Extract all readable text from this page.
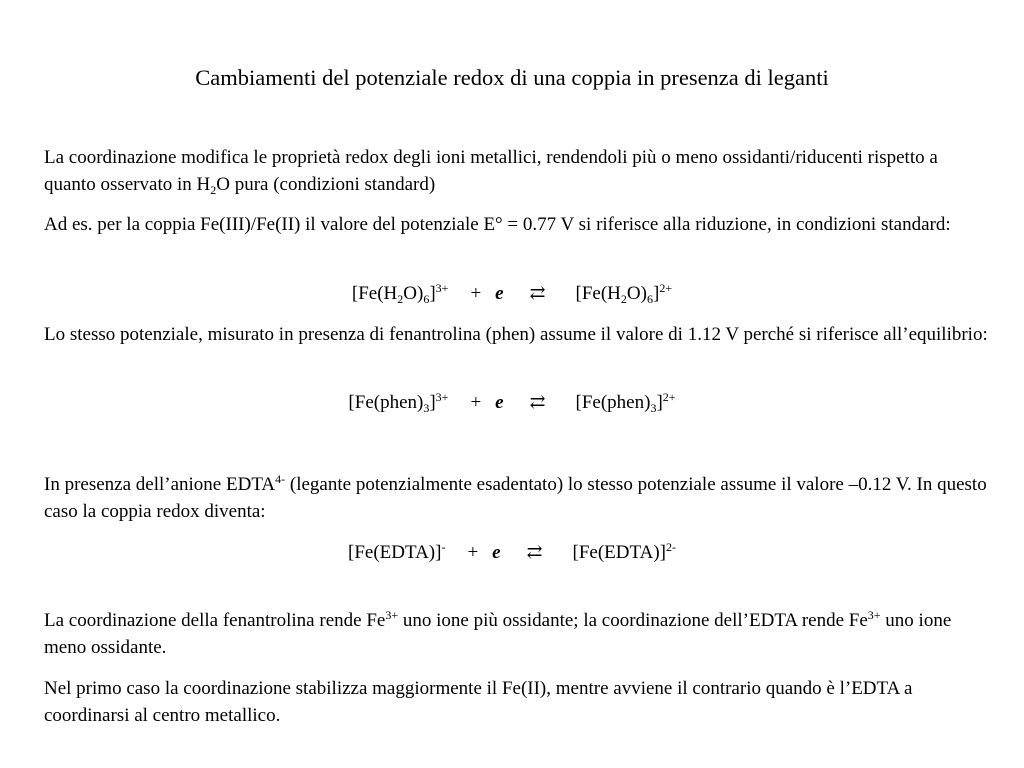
Cambiamenti del potenziale redox di una coppia in presenza di leganti
La coordinazione modifica le proprietà redox degli ioni metallici, rendendoli più o meno ossidanti/riducenti rispetto a quanto osservato in $H_2O$ pura (condizioni standard)
Ad es. per la coppia Fe(III)/Fe(II) il valore del potenziale E° = 0.77 V si riferisce alla riduzione, in condizioni standard:
$[Fe(H_2O)_6]^{3+} + e$ ⇄ $[Fe(H_2O)_6]^{2+}$
Lo stesso potenziale, misurato in presenza di fenantrolina (phen) assume il valore di 1.12 V perché si riferisce all’equilibrio:
$[Fe(phen)_3]^{3+} + e$ ⇄ $[Fe(phen)_3]^{2+}$
In presenza dell’anione $EDTA^{4-}$ (legante potenzialmente esadentato) lo stesso potenziale assume il valore –0.12 V. In questo caso la coppia redox diventa:
[Fe(EDTA)]- + e ⇄ [Fe(EDTA)]$^{2-}$
La coordinazione della fenantrolina rende $Fe^{3+}$ uno ione più ossidante; la coordinazione dell’EDTA rende $Fe^{3+}$ uno ione meno ossidante.
Nel primo caso la coordinazione stabilizza maggiormente il Fe(II), mentre avviene il contrario quando è l’EDTA a coordinarsi al centro metallico.
